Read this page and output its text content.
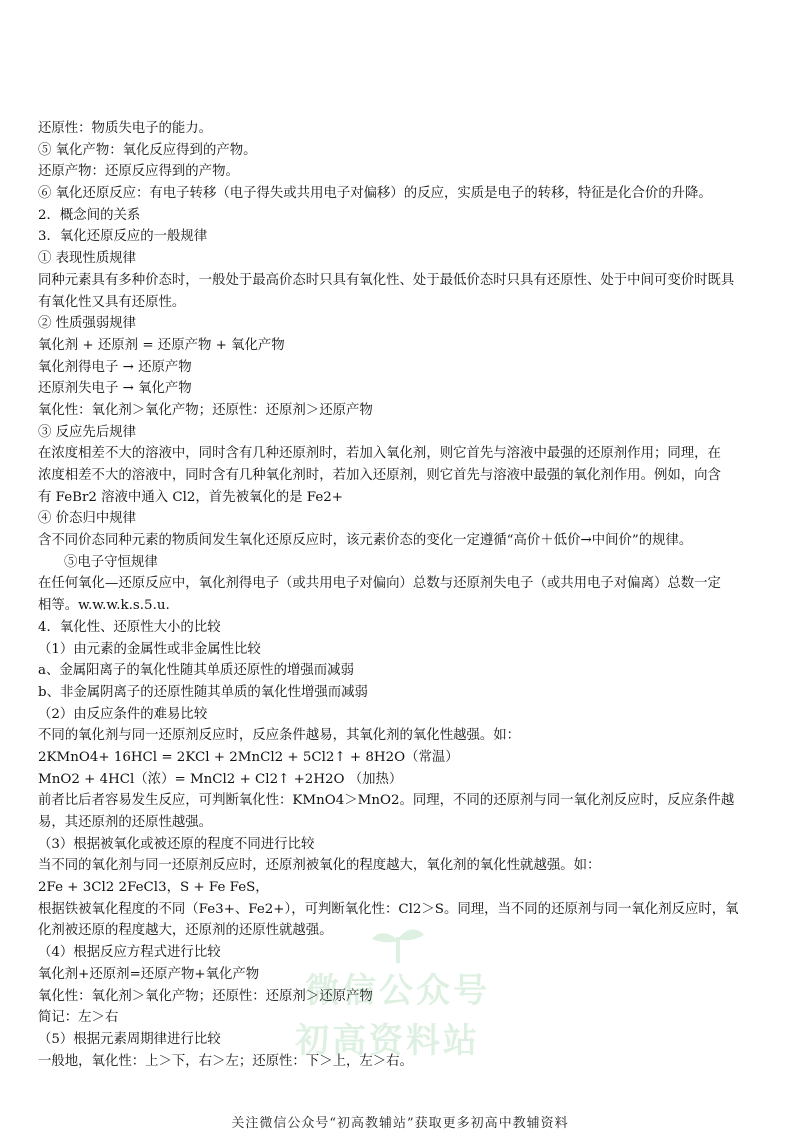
还原性：物质失电子的能力。
⑤ 氧化产物：氧化反应得到的产物。
还原产物：还原反应得到的产物。
⑥ 氧化还原反应：有电子转移（电子得失或共用电子对偏移）的反应，实质是电子的转移，特征是化合价的升降。
2．概念间的关系
3．氧化还原反应的一般规律
① 表现性质规律
同种元素具有多种价态时，一般处于最高价态时只具有氧化性、处于最低价态时只具有还原性、处于中间可变价时既具
有氧化性又具有还原性。
② 性质强弱规律
氧化剂 + 还原剂 = 还原产物 + 氧化产物
氧化剂得电子 → 还原产物
还原剂失电子 → 氧化产物
氧化性：氧化剂＞氧化产物；还原性：还原剂＞还原产物
③ 反应先后规律
在浓度相差不大的溶液中，同时含有几种还原剂时，若加入氧化剂，则它首先与溶液中最强的还原剂作用；同理，在
浓度相差不大的溶液中，同时含有几种氧化剂时，若加入还原剂，则它首先与溶液中最强的氧化剂作用。例如，向含
有 FeBr2 溶液中通入 Cl2，首先被氧化的是 Fe2+
④ 价态归中规律
含不同价态同种元素的物质间发生氧化还原反应时，该元素价态的变化一定遵循“高价＋低价→中间价”的规律。
⑤电子守恒规律
在任何氧化—还原反应中，氧化剂得电子（或共用电子对偏向）总数与还原剂失电子（或共用电子对偏离）总数一定
相等。w.w.w.k.s.5.u.
4．氧化性、还原性大小的比较
（1）由元素的金属性或非金属性比较
a、金属阳离子的氧化性随其单质还原性的增强而减弱
b、非金属阴离子的还原性随其单质的氧化性增强而减弱
（2）由反应条件的难易比较
不同的氧化剂与同一还原剂反应时，反应条件越易，其氧化剂的氧化性越强。如：
2KMnO4+ 16HCl = 2KCl + 2MnCl2 + 5Cl2↑ + 8H2O（常温）
MnO2 + 4HCl（浓）= MnCl2 + Cl2↑ +2H2O （加热）
前者比后者容易发生反应，可判断氧化性：KMnO4＞MnO2。同理，不同的还原剂与同一氧化剂反应时，反应条件越
易，其还原剂的还原性越强。
（3）根据被氧化或被还原的程度不同进行比较
当不同的氧化剂与同一还原剂反应时，还原剂被氧化的程度越大，氧化剂的氧化性就越强。如：
2Fe + 3Cl2 2FeCl3，S + Fe FeS，
根据铁被氧化程度的不同（Fe3+、Fe2+），可判断氧化性：Cl2＞S。同理，当不同的还原剂与同一氧化剂反应时，氧
化剂被还原的程度越大，还原剂的还原性就越强。
（4）根据反应方程式进行比较
氧化剂+还原剂=还原产物+氧化产物
氧化性：氧化剂＞氧化产物；还原性：还原剂＞还原产物
简记：左＞右
（5）根据元素周期律进行比较
一般地，氧化性：上＞下，右＞左；还原性：下＞上，左＞右。
微信公众号
初高资料站
关注微信公众号“初高教辅站”获取更多初高中教辅资料
